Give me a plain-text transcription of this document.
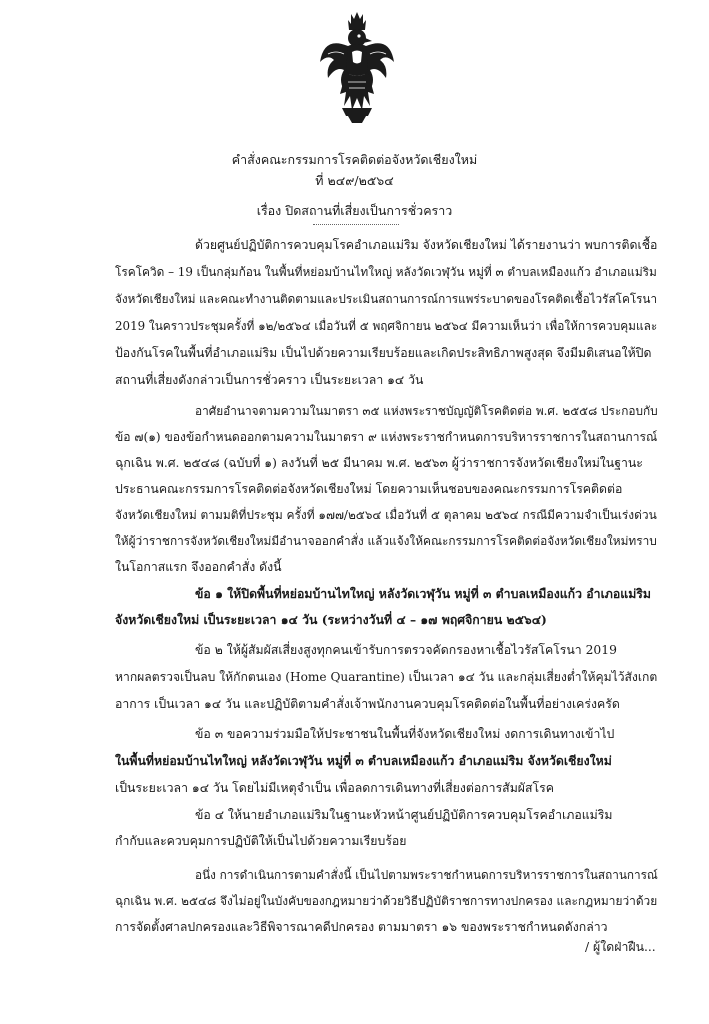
คำสั่งคณะกรรมการโรคติดต่อจังหวัดเชียงใหม่
ที่ ๒๔๙/๒๕๖๔
เรื่อง ปิดสถานที่เสี่ยงเป็นการชั่วคราว
ด้วยศูนย์ปฏิบัติการควบคุมโรคอำเภอแม่ริม จังหวัดเชียงใหม่ ได้รายงานว่า พบการติดเชื้อ
โรคโควิด – 19 เป็นกลุ่มก้อน ในพื้นที่หย่อมบ้านไทใหญ่ หลังวัดเวฬุวัน หมู่ที่ ๓ ตำบลเหมืองแก้ว อำเภอแม่ริม
จังหวัดเชียงใหม่ และคณะทำงานติดตามและประเมินสถานการณ์การแพร่ระบาดของโรคติดเชื้อไวรัสโคโรนา
2019 ในคราวประชุมครั้งที่ ๑๒/๒๕๖๔ เมื่อวันที่ ๕ พฤศจิกายน ๒๕๖๔ มีความเห็นว่า เพื่อให้การควบคุมและ
ป้องกันโรคในพื้นที่อำเภอแม่ริม เป็นไปด้วยความเรียบร้อยและเกิดประสิทธิภาพสูงสุด จึงมีมติเสนอให้ปิด
สถานที่เสี่ยงดังกล่าวเป็นการชั่วคราว เป็นระยะเวลา ๑๔ วัน
อาศัยอำนาจตามความในมาตรา ๓๕ แห่งพระราชบัญญัติโรคติดต่อ พ.ศ. ๒๕๕๘ ประกอบกับ
ข้อ ๗(๑) ของข้อกำหนดออกตามความในมาตรา ๙ แห่งพระราชกำหนดการบริหารราชการในสถานการณ์
ฉุกเฉิน พ.ศ. ๒๕๔๘ (ฉบับที่ ๑) ลงวันที่ ๒๕ มีนาคม พ.ศ. ๒๕๖๓ ผู้ว่าราชการจังหวัดเชียงใหม่ในฐานะ
ประธานคณะกรรมการโรคติดต่อจังหวัดเชียงใหม่ โดยความเห็นชอบของคณะกรรมการโรคติดต่อ
จังหวัดเชียงใหม่ ตามมติที่ประชุม ครั้งที่ ๑๗๗/๒๕๖๔ เมื่อวันที่ ๕ ตุลาคม ๒๕๖๔ กรณีมีความจำเป็นเร่งด่วน
ให้ผู้ว่าราชการจังหวัดเชียงใหม่มีอำนาจออกคำสั่ง แล้วแจ้งให้คณะกรรมการโรคติดต่อจังหวัดเชียงใหม่ทราบ
ในโอกาสแรก จึงออกคำสั่ง ดังนี้
ข้อ ๑ ให้ปิดพื้นที่หย่อมบ้านไทใหญ่ หลังวัดเวฬุวัน หมู่ที่ ๓ ตำบลเหมืองแก้ว อำเภอแม่ริม
จังหวัดเชียงใหม่ เป็นระยะเวลา ๑๔ วัน (ระหว่างวันที่ ๔ – ๑๗ พฤศจิกายน ๒๕๖๔)
ข้อ ๒ ให้ผู้สัมผัสเสี่ยงสูงทุกคนเข้ารับการตรวจคัดกรองหาเชื้อไวรัสโคโรนา 2019
หากผลตรวจเป็นลบ ให้กักตนเอง (Home Quarantine) เป็นเวลา ๑๔ วัน และกลุ่มเสี่ยงต่ำให้คุมไว้สังเกต
อาการ เป็นเวลา ๑๔ วัน และปฏิบัติตามคำสั่งเจ้าพนักงานควบคุมโรคติดต่อในพื้นที่อย่างเคร่งครัด
ข้อ ๓ ขอความร่วมมือให้ประชาชนในพื้นที่จังหวัดเชียงใหม่ งดการเดินทางเข้าไป
ในพื้นที่หย่อมบ้านไทใหญ่ หลังวัดเวฬุวัน หมู่ที่ ๓ ตำบลเหมืองแก้ว อำเภอแม่ริม จังหวัดเชียงใหม่
เป็นระยะเวลา ๑๔ วัน โดยไม่มีเหตุจำเป็น เพื่อลดการเดินทางที่เสี่ยงต่อการสัมผัสโรค
ข้อ ๔ ให้นายอำเภอแม่ริมในฐานะหัวหน้าศูนย์ปฏิบัติการควบคุมโรคอำเภอแม่ริม
กำกับและควบคุมการปฏิบัติให้เป็นไปด้วยความเรียบร้อย
อนึ่ง การดำเนินการตามคำสั่งนี้ เป็นไปตามพระราชกำหนดการบริหารราชการในสถานการณ์
ฉุกเฉิน พ.ศ. ๒๕๔๘ จึงไม่อยู่ในบังคับของกฎหมายว่าด้วยวิธีปฏิบัติราชการทางปกครอง และกฎหมายว่าด้วย
การจัดตั้งศาลปกครองและวิธีพิจารณาคดีปกครอง ตามมาตรา ๑๖ ของพระราชกำหนดดังกล่าว
/ ผู้ใดฝ่าฝืน...
